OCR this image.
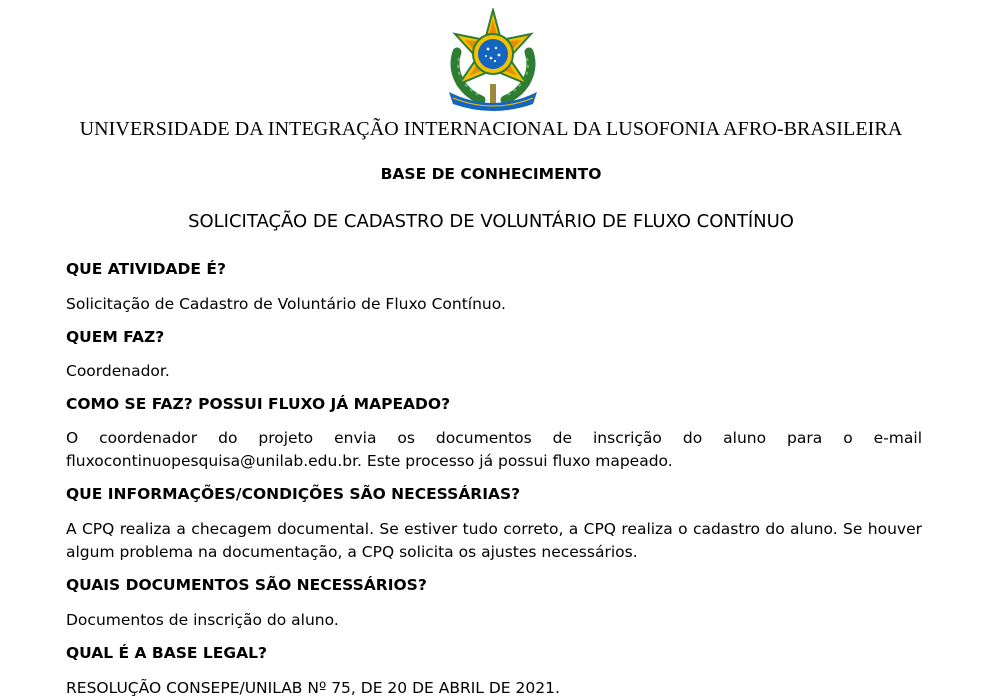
UNIVERSIDADE DA INTEGRAÇÃO INTERNACIONAL DA LUSOFONIA AFRO-BRASILEIRA
BASE DE CONHECIMENTO
SOLICITAÇÃO DE CADASTRO DE VOLUNTÁRIO DE FLUXO CONTÍNUO

QUE ATIVIDADE É?

Solicitação de Cadastro de Voluntário de Fluxo Contínuo.

QUEM FAZ?

Coordenador.

COMO SE FAZ? POSSUI FLUXO JÁ MAPEADO?

O coordenador do projeto envia os documentos de inscrição do aluno para o e-mail fluxocontinuopesquisa@unilab.edu.br. Este processo já possui fluxo mapeado.

QUE INFORMAÇÕES/CONDIÇÕES SÃO NECESSÁRIAS?

A CPQ realiza a checagem documental. Se estiver tudo correto, a CPQ realiza o cadastro do aluno. Se houver algum problema na documentação, a CPQ solicita os ajustes necessários.

QUAIS DOCUMENTOS SÃO NECESSÁRIOS?

Documentos de inscrição do aluno.

QUAL É A BASE LEGAL?

RESOLUÇÃO CONSEPE/UNILAB Nº 75, DE 20 DE ABRIL DE 2021.
